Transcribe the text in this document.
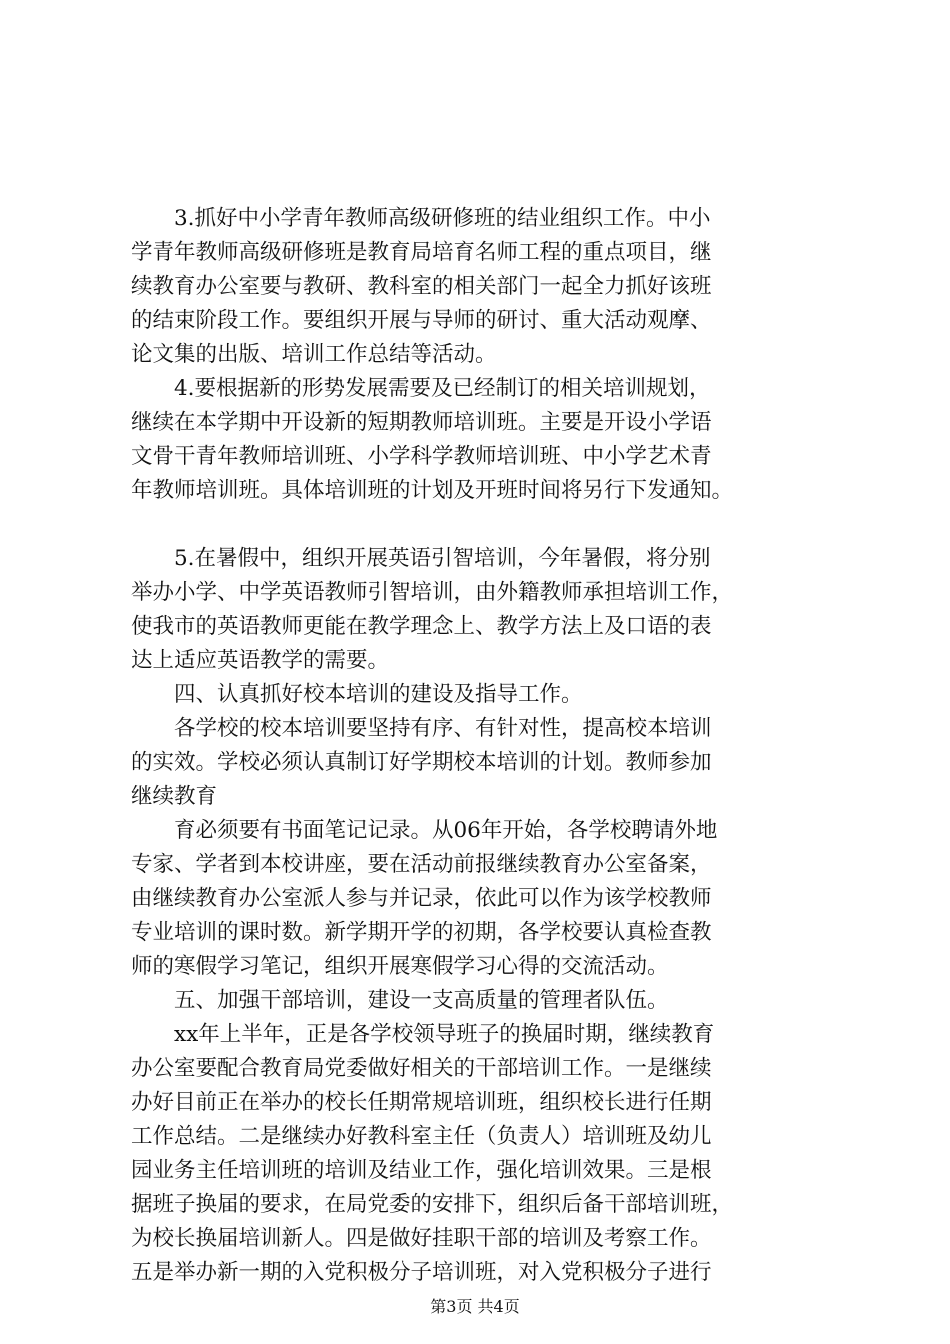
　　3.抓好中小学青年教师高级研修班的结业组织工作。中小
学青年教师高级研修班是教育局培育名师工程的重点项目，继
续教育办公室要与教研、教科室的相关部门一起全力抓好该班
的结束阶段工作。要组织开展与导师的研讨、重大活动观摩、
论文集的出版、培训工作总结等活动。
　　4.要根据新的形势发展需要及已经制订的相关培训规划，
继续在本学期中开设新的短期教师培训班。主要是开设小学语
文骨干青年教师培训班、小学科学教师培训班、中小学艺术青
年教师培训班。具体培训班的计划及开班时间将另行下发通知。
　　5.在暑假中，组织开展英语引智培训，今年暑假，将分别
举办小学、中学英语教师引智培训，由外籍教师承担培训工作，
使我市的英语教师更能在教学理念上、教学方法上及口语的表
达上适应英语教学的需要。
　　四、认真抓好校本培训的建设及指导工作。
　　各学校的校本培训要坚持有序、有针对性，提高校本培训
的实效。学校必须认真制订好学期校本培训的计划。教师参加
继续教育
　　育必须要有书面笔记记录。从06年开始，各学校聘请外地
专家、学者到本校讲座，要在活动前报继续教育办公室备案，
由继续教育办公室派人参与并记录，依此可以作为该学校教师
专业培训的课时数。新学期开学的初期，各学校要认真检查教
师的寒假学习笔记，组织开展寒假学习心得的交流活动。
　　五、加强干部培训，建设一支高质量的管理者队伍。
　　xx年上半年，正是各学校领导班子的换届时期，继续教育
办公室要配合教育局党委做好相关的干部培训工作。一是继续
办好目前正在举办的校长任期常规培训班，组织校长进行任期
工作总结。二是继续办好教科室主任（负责人）培训班及幼儿
园业务主任培训班的培训及结业工作，强化培训效果。三是根
据班子换届的要求，在局党委的安排下，组织后备干部培训班，
为校长换届培训新人。四是做好挂职干部的培训及考察工作。
五是举办新一期的入党积极分子培训班，对入党积极分子进行
第3页 共4页
